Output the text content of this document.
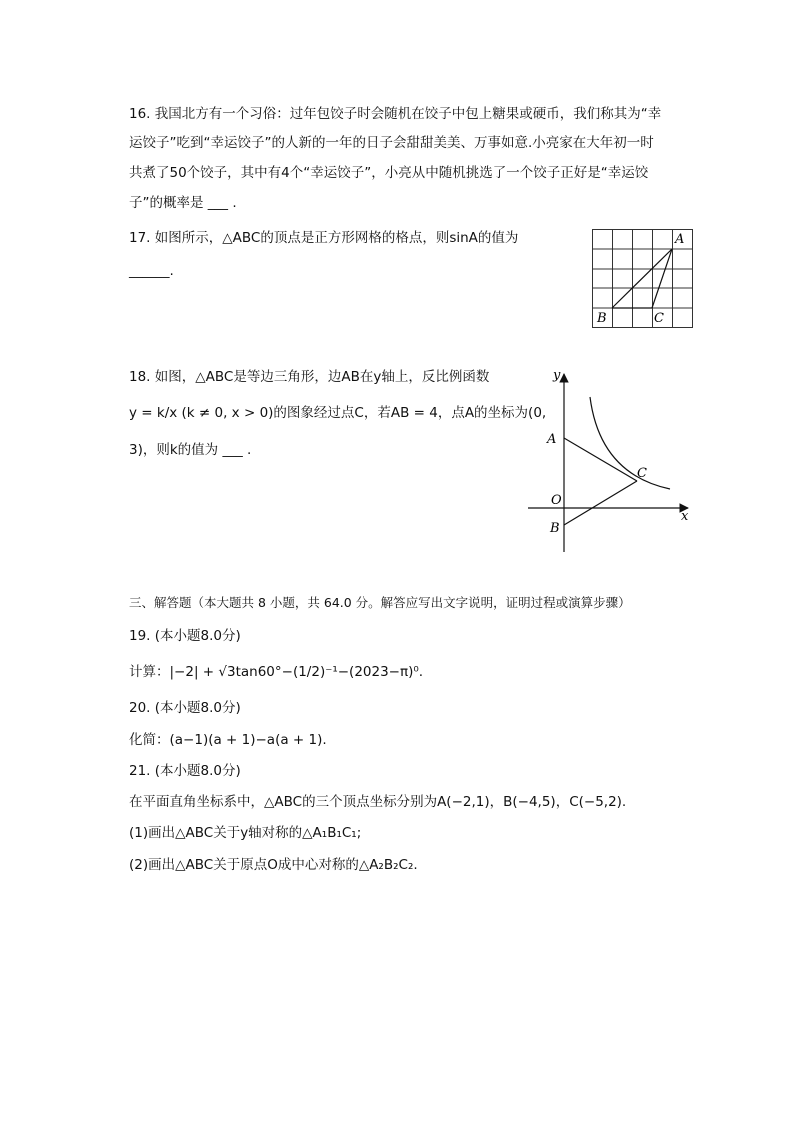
16. 我国北方有一个习俗：过年包饺子时会随机在饺子中包上糖果或硬币，我们称其为“幸
运饺子”吃到“幸运饺子”的人新的一年的日子会甜甜美美、万事如意.小亮家在大年初一时
共煮了50个饺子，其中有4个“幸运饺子”，小亮从中随机挑选了一个饺子正好是“幸运饺
子”的概率是 ___ .
17. 如图所示，△ABC的顶点是正方形网格的格点，则sinA的值为
______.
A
B	C
18. 如图，△ABC是等边三角形，边AB在y轴上，反比例函数
y = k/x (k ≠ 0, x > 0)的图象经过点C，若AB = 4，点A的坐标为(0,
3)，则k的值为 ___ .
y
x
O
A
B
C
三、解答题（本大题共 8 小题，共 64.0 分。解答应写出文字说明，证明过程或演算步骤）
19. (本小题8.0分)
计算：|−2| + √3tan60°−(1/2)⁻¹−(2023−π)⁰.
20. (本小题8.0分)
化简：(a−1)(a + 1)−a(a + 1).
21. (本小题8.0分)
在平面直角坐标系中，△ABC的三个顶点坐标分别为A(−2,1)，B(−4,5)，C(−5,2).
(1)画出△ABC关于y轴对称的△A₁B₁C₁;
(2)画出△ABC关于原点O成中心对称的△A₂B₂C₂.
